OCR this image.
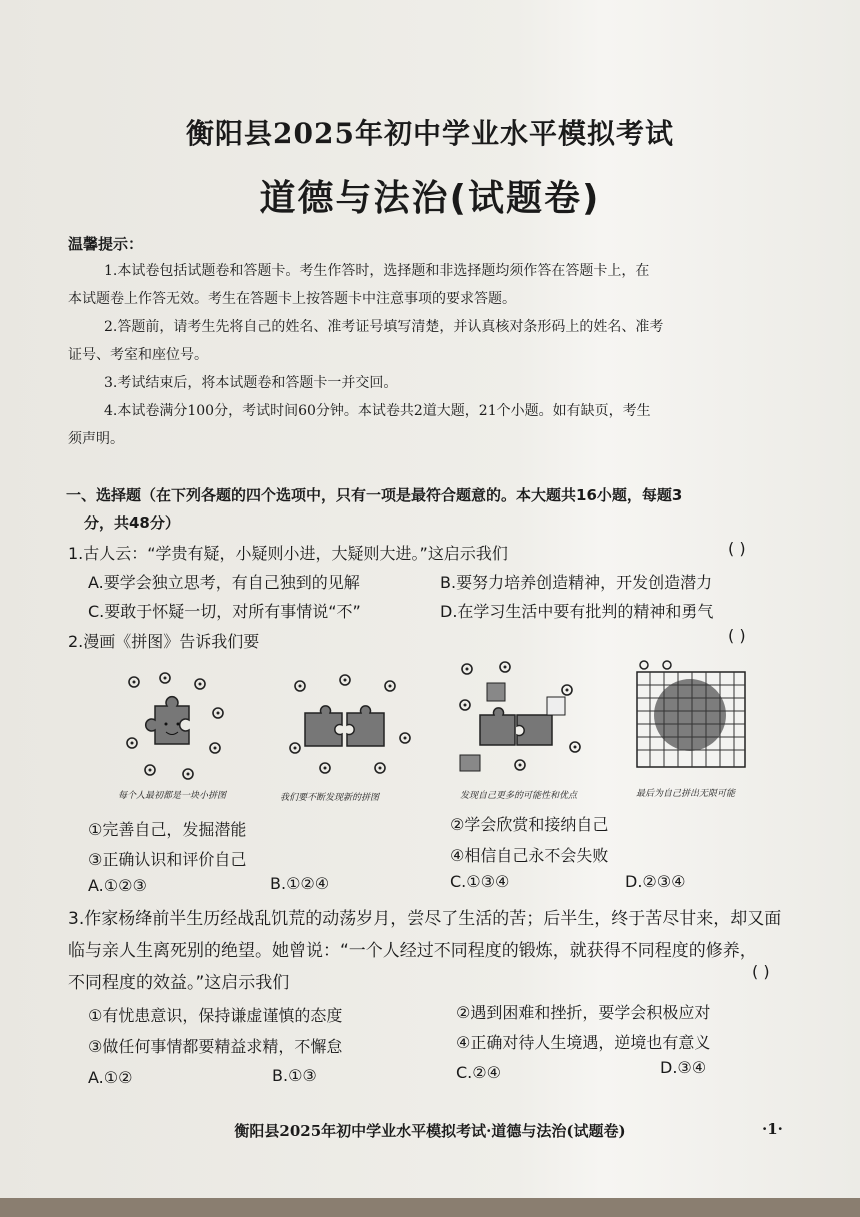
衡阳县2025年初中学业水平模拟考试
道德与法治(试题卷)
温馨提示：
1.本试卷包括试题卷和答题卡。考生作答时，选择题和非选择题均须作答在答题卡上，在
本试题卷上作答无效。考生在答题卡上按答题卡中注意事项的要求答题。
2.答题前，请考生先将自己的姓名、准考证号填写清楚，并认真核对条形码上的姓名、准考
证号、考室和座位号。
3.考试结束后，将本试题卷和答题卡一并交回。
4.本试卷满分100分，考试时间60分钟。本试卷共2道大题，21个小题。如有缺页，考生
须声明。
一、选择题（在下列各题的四个选项中，只有一项是最符合题意的。本大题共16小题，每题3
分，共48分）
1.古人云：“学贵有疑，小疑则小进，大疑则大进。”这启示我们	( )
A.要学会独立思考，有自己独到的见解	B.要努力培养创造精神，开发创造潜力
C.要敢于怀疑一切，对所有事情说“不”	D.在学习生活中要有批判的精神和勇气
2.漫画《拼图》告诉我们要	( )
每个人最初都是一块小拼图	我们要不断发现新的拼图	发现自己更多的可能性和优点	最后为自己拼出无限可能
①完善自己，发掘潜能	②学会欣赏和接纳自己
③正确认识和评价自己	④相信自己永不会失败
A.①②③	B.①②④	C.①③④	D.②③④
3.作家杨绛前半生历经战乱饥荒的动荡岁月，尝尽了生活的苦；后半生，终于苦尽甘来，却又面
临与亲人生离死别的绝望。她曾说：“一个人经过不同程度的锻炼，就获得不同程度的修养，
不同程度的效益。”这启示我们
( )
①有忧患意识，保持谦虚谨慎的态度	②遇到困难和挫折，要学会积极应对
③做任何事情都要精益求精，不懈怠	④正确对待人生境遇，逆境也有意义
A.①②	B.①③	C.②④	D.③④
衡阳县2025年初中学业水平模拟考试·道德与法治(试题卷)	·1·
